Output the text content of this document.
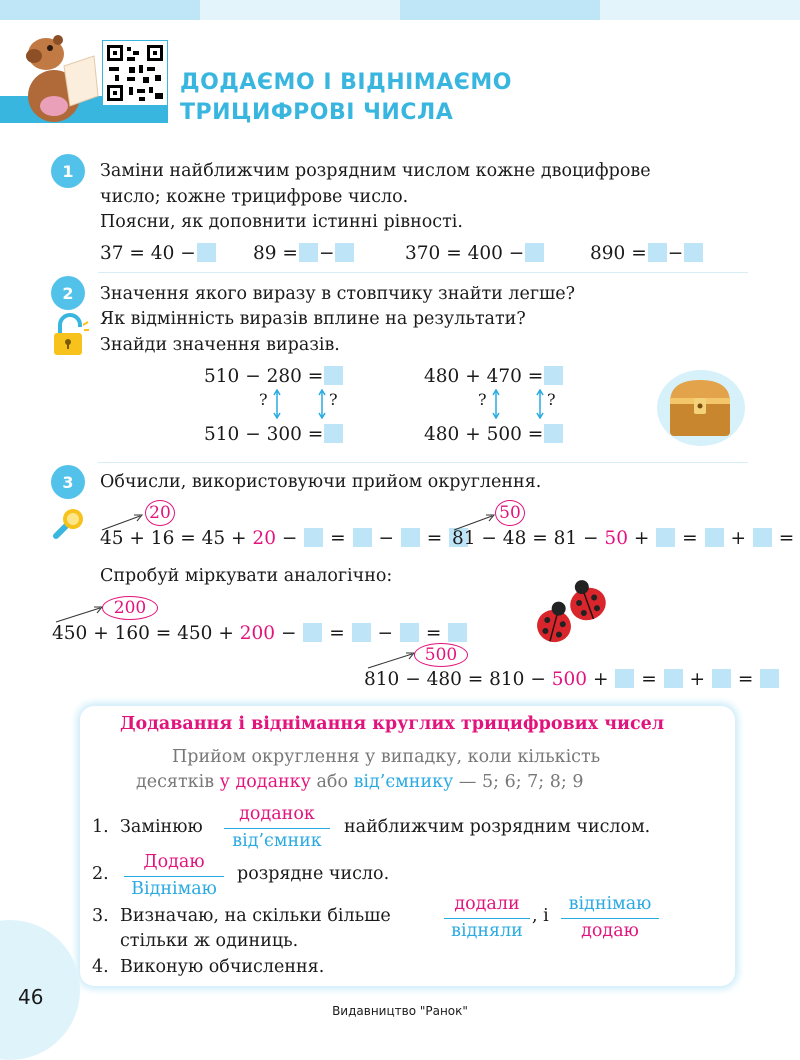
ДОДАЄМО І ВІДНІМАЄМО
ТРИЦИФРОВІ ЧИСЛА
1	Заміни найближчим розрядним числом кожне двоцифрове
число; кожне трицифрове число.
Поясни, як доповнити істинні рівності.
37 = 40 −	89 = −	370 = 400 −	890 = −
2	Значення якого виразу в стовпчику знайти легше?
Як відмінність виразів вплине на результати?
Знайди значення виразів.
510 − 280 =
510 − 300 =
480 + 470 =
480 + 500 =
?	?	?	?
3	Обчисли, використовуючи прийом округлення.
20
45 + 16 = 45 + 20 − = − =
50
81 − 48 = 81 − 50 + = + =
Спробуй міркувати аналогічно:
200
450 + 160 = 450 + 200 − = − =
500
810 − 480 = 810 − 500 + = + =
Додавання і віднімання круглих трицифрових чисел
Прийом округлення у випадку, коли кількість
десятків у доданку або від’ємнику — 5; 6; 7; 8; 9
1. Замінюю
доданок
від’ємник
найближчим розрядним числом.
2.
Додаю
Віднімаю
розрядне число.
3. Визначаю, на скільки більше
додали
відняли
, і
віднімаю
додаю
стільки ж одиниць.
4. Виконую обчислення.
46
Видавництво "Ранок"
